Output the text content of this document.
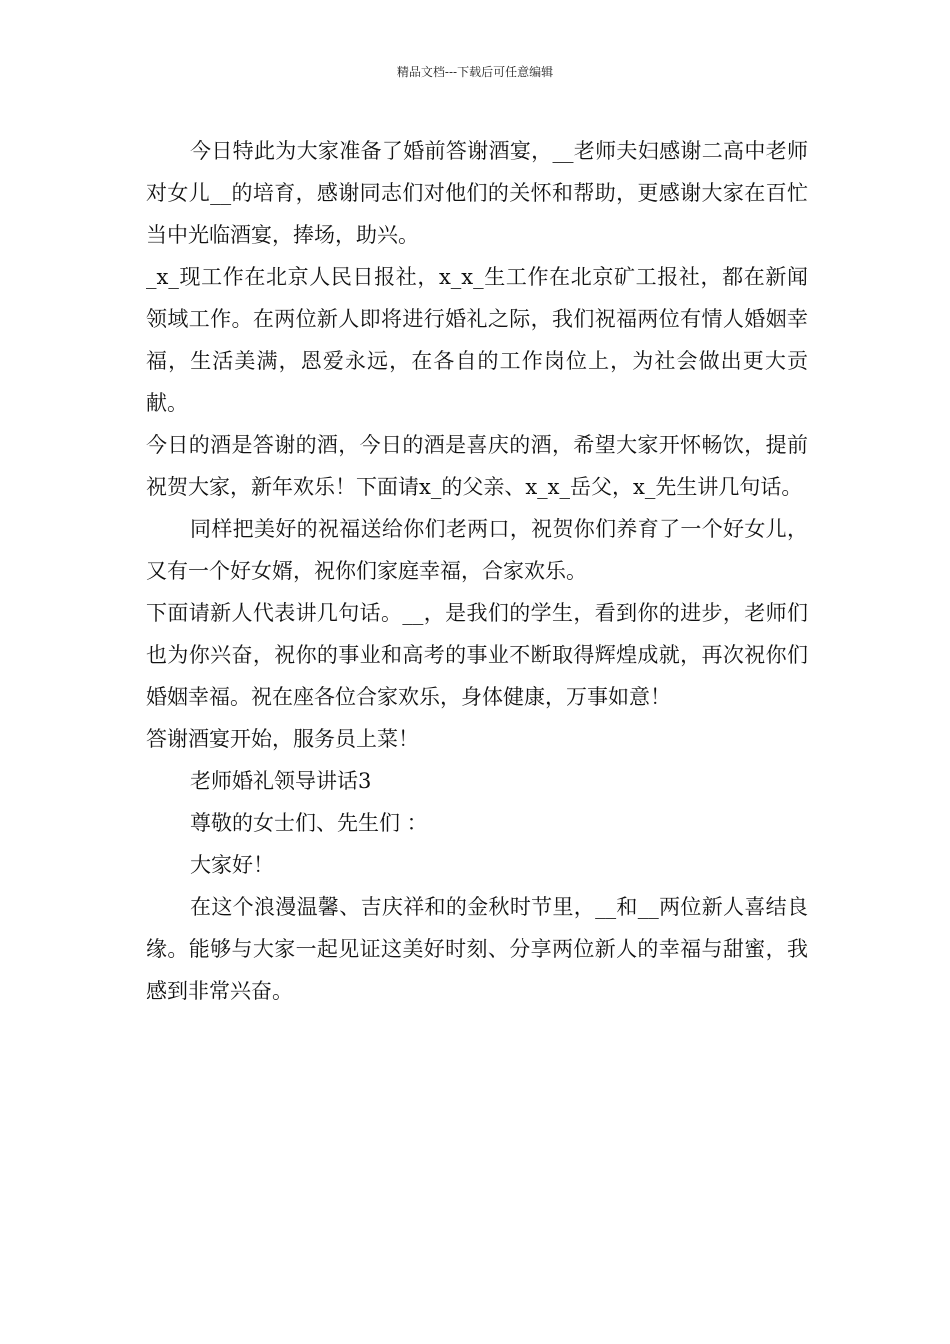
精品文档---下载后可任意编辑

今日特此为大家准备了婚前答谢酒宴，__老师夫妇感谢二高中老师对女儿__的培育，感谢同志们对他们的关怀和帮助，更感谢大家在百忙当中光临酒宴，捧场，助兴。

_x_现工作在北京人民日报社，x_x_生工作在北京矿工报社，都在新闻领域工作。在两位新人即将进行婚礼之际，我们祝福两位有情人婚姻幸福，生活美满，恩爱永远，在各自的工作岗位上，为社会做出更大贡献。

今日的酒是答谢的酒，今日的酒是喜庆的酒，希望大家开怀畅饮，提前祝贺大家，新年欢乐！下面请x_的父亲、x_x_岳父，x_先生讲几句话。

同样把美好的祝福送给你们老两口，祝贺你们养育了一个好女儿，又有一个好女婿，祝你们家庭幸福，合家欢乐。

下面请新人代表讲几句话。__，是我们的学生，看到你的进步，老师们也为你兴奋，祝你的事业和高考的事业不断取得辉煌成就，再次祝你们婚姻幸福。祝在座各位合家欢乐，身体健康，万事如意！

答谢酒宴开始，服务员上菜！

老师婚礼领导讲话3

尊敬的女士们、先生们 ：

大家好！

在这个浪漫温馨、吉庆祥和的金秋时节里，__和__两位新人喜结良缘。能够与大家一起见证这美好时刻、分享两位新人的幸福与甜蜜，我感到非常兴奋。
